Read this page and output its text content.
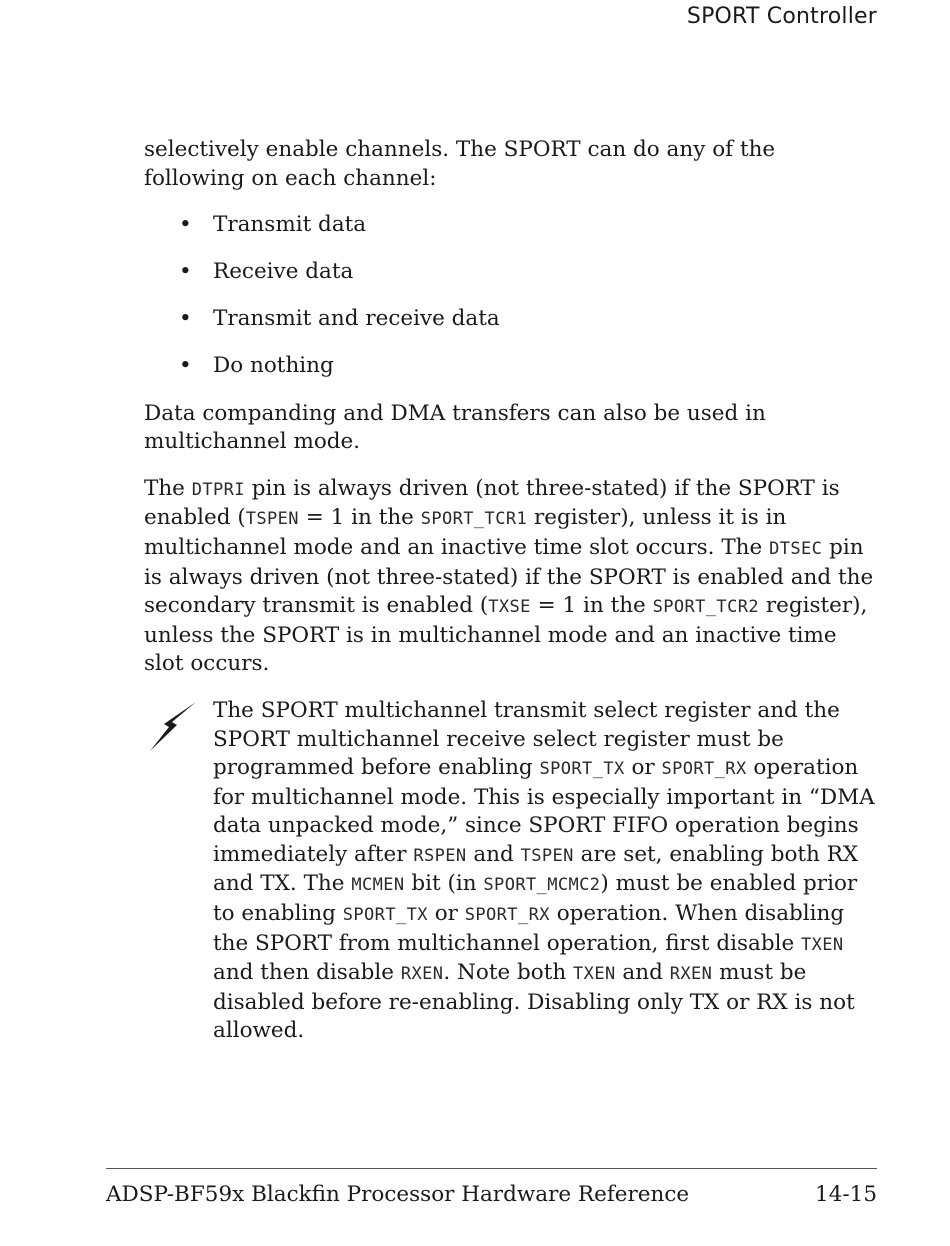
SPORT Controller

selectively enable channels. The SPORT can do any of the following on each channel:

• Transmit data
• Receive data
• Transmit and receive data
• Do nothing

Data companding and DMA transfers can also be used in multichannel mode.

The DTPRI pin is always driven (not three-stated) if the SPORT is enabled (TSPEN = 1 in the SPORT_TCR1 register), unless it is in multichannel mode and an inactive time slot occurs. The DTSEC pin is always driven (not three-stated) if the SPORT is enabled and the secondary transmit is enabled (TXSE = 1 in the SPORT_TCR2 register), unless the SPORT is in multichannel mode and an inactive time slot occurs.

The SPORT multichannel transmit select register and the SPORT multichannel receive select register must be programmed before enabling SPORT_TX or SPORT_RX operation for multichannel mode. This is especially important in “DMA data unpacked mode,” since SPORT FIFO operation begins immediately after RSPEN and TSPEN are set, enabling both RX and TX. The MCMEN bit (in SPORT_MCMC2) must be enabled prior to enabling SPORT_TX or SPORT_RX operation. When disabling the SPORT from multichannel operation, first disable TXEN and then disable RXEN. Note both TXEN and RXEN must be disabled before re-enabling. Disabling only TX or RX is not allowed.

ADSP-BF59x Blackfin Processor Hardware Reference	14-15
